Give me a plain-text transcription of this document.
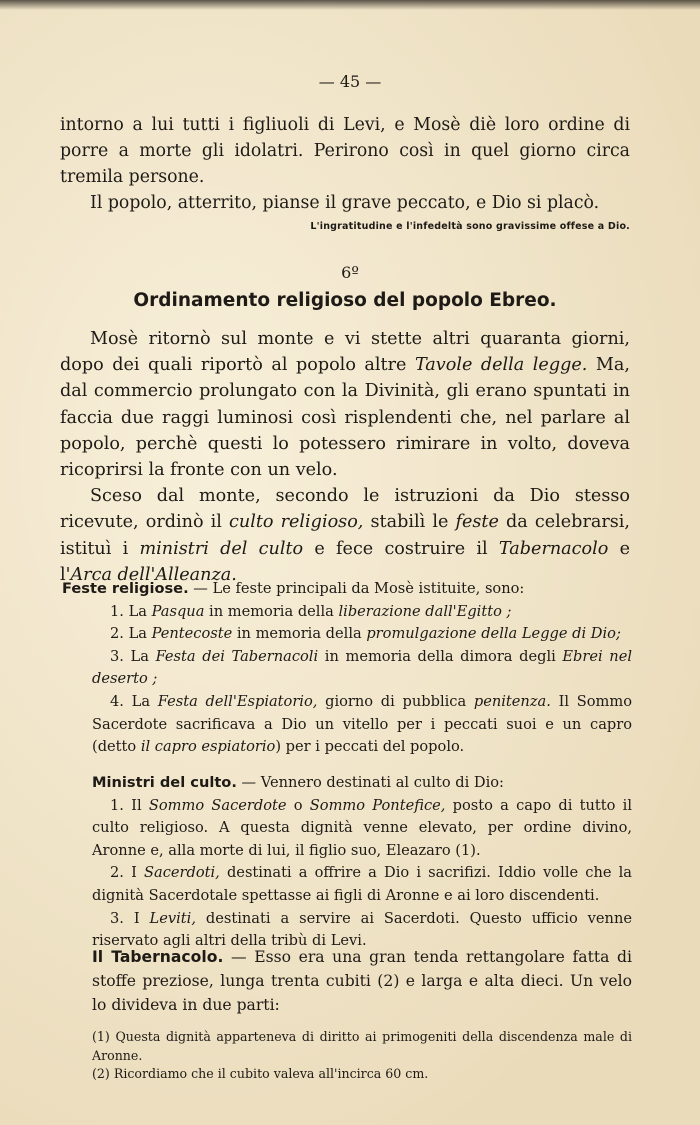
— 45 —

intorno a lui tutti i figliuoli di Levi, e Mosè diè loro ordine di porre a morte gli idolatri. Perirono così in quel giorno circa tremila persone.

Il popolo, atterrito, pianse il grave peccato, e Dio si placò.

L'ingratitudine e l'infedeltà sono gravissime offese a Dio.
6º
Ordinamento religioso del popolo Ebreo.

Mosè ritornò sul monte e vi stette altri quaranta giorni, dopo dei quali riportò al popolo altre Tavole della legge. Ma, dal commercio prolungato con la Divinità, gli erano spuntati in faccia due raggi luminosi così risplendenti che, nel parlare al popolo, perchè questi lo potessero rimirare in volto, doveva ricoprirsi la fronte con un velo.

Sceso dal monte, secondo le istruzioni da Dio stesso ricevute, ordinò il culto religioso, stabilì le feste da celebrarsi, istituì i ministri del culto e fece costruire il Tabernacolo e l'Arca dell'Alleanza.

Feste religiose. — Le feste principali da Mosè istituite, sono:

1. La Pasqua in memoria della liberazione dall'Egitto ;

2. La Pentecoste in memoria della promulgazione della Legge di Dio;

3. La Festa dei Tabernacoli in memoria della dimora degli Ebrei nel deserto ;

4. La Festa dell'Espiatorio, giorno di pubblica penitenza. Il Sommo Sacerdote sacrificava a Dio un vitello per i peccati suoi e un capro (detto il capro espiatorio) per i peccati del popolo.

Ministri del culto. — Vennero destinati al culto di Dio:

1. Il Sommo Sacerdote o Sommo Pontefice, posto a capo di tutto il culto religioso. A questa dignità venne elevato, per ordine divino, Aronne e, alla morte di lui, il figlio suo, Eleazaro (1).

2. I Sacerdoti, destinati a offrire a Dio i sacrifizi. Iddio volle che la dignità Sacerdotale spettasse ai figli di Aronne e ai loro discendenti.

3. I Leviti, destinati a servire ai Sacerdoti. Questo ufficio venne riservato agli altri della tribù di Levi.

Il Tabernacolo. — Esso era una gran tenda rettangolare fatta di stoffe preziose, lunga trenta cubiti (2) e larga e alta dieci. Un velo lo divideva in due parti:

(1) Questa dignità apparteneva di diritto ai primogeniti della discendenza male di Aronne.

(2) Ricordiamo che il cubito valeva all'incirca 60 cm.
